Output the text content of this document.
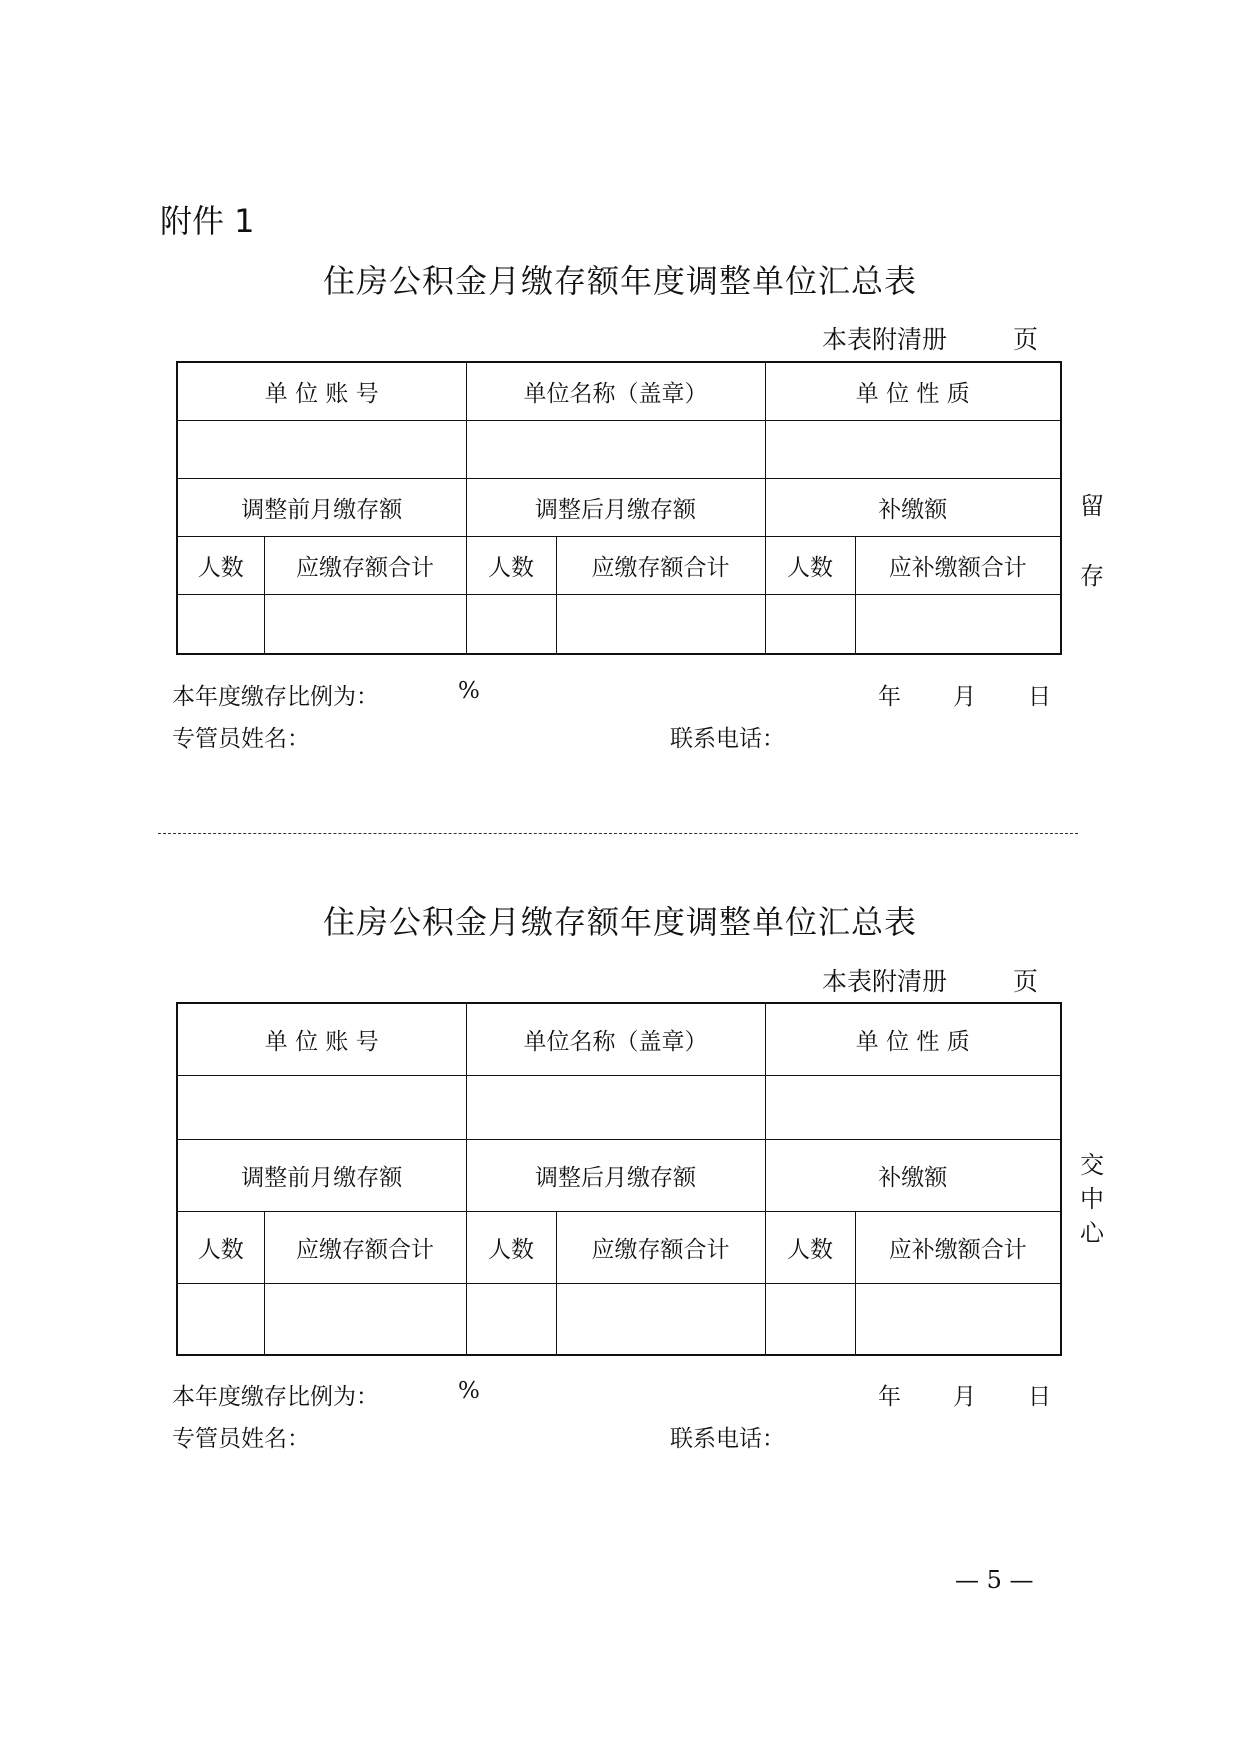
附件 1
住房公积金月缴存额年度调整单位汇总表
本表附清册	页
单 位 账 号		单位名称（盖章）		单 位 性 质	

调整前月缴存额		调整后月缴存额		补缴额	
人数	应缴存额合计	人数	应缴存额合计	人数	应补缴额合计

留
存
本年度缴存比例为：	%	年 月 日
专管员姓名：	联系电话：
住房公积金月缴存额年度调整单位汇总表
本表附清册	页
单 位 账 号		单位名称（盖章）		单 位 性 质	

调整前月缴存额		调整后月缴存额		补缴额	
人数	应缴存额合计	人数	应缴存额合计	人数	应补缴额合计

交
中
心
本年度缴存比例为：	%	年 月 日
专管员姓名：	联系电话：
— 5 —
